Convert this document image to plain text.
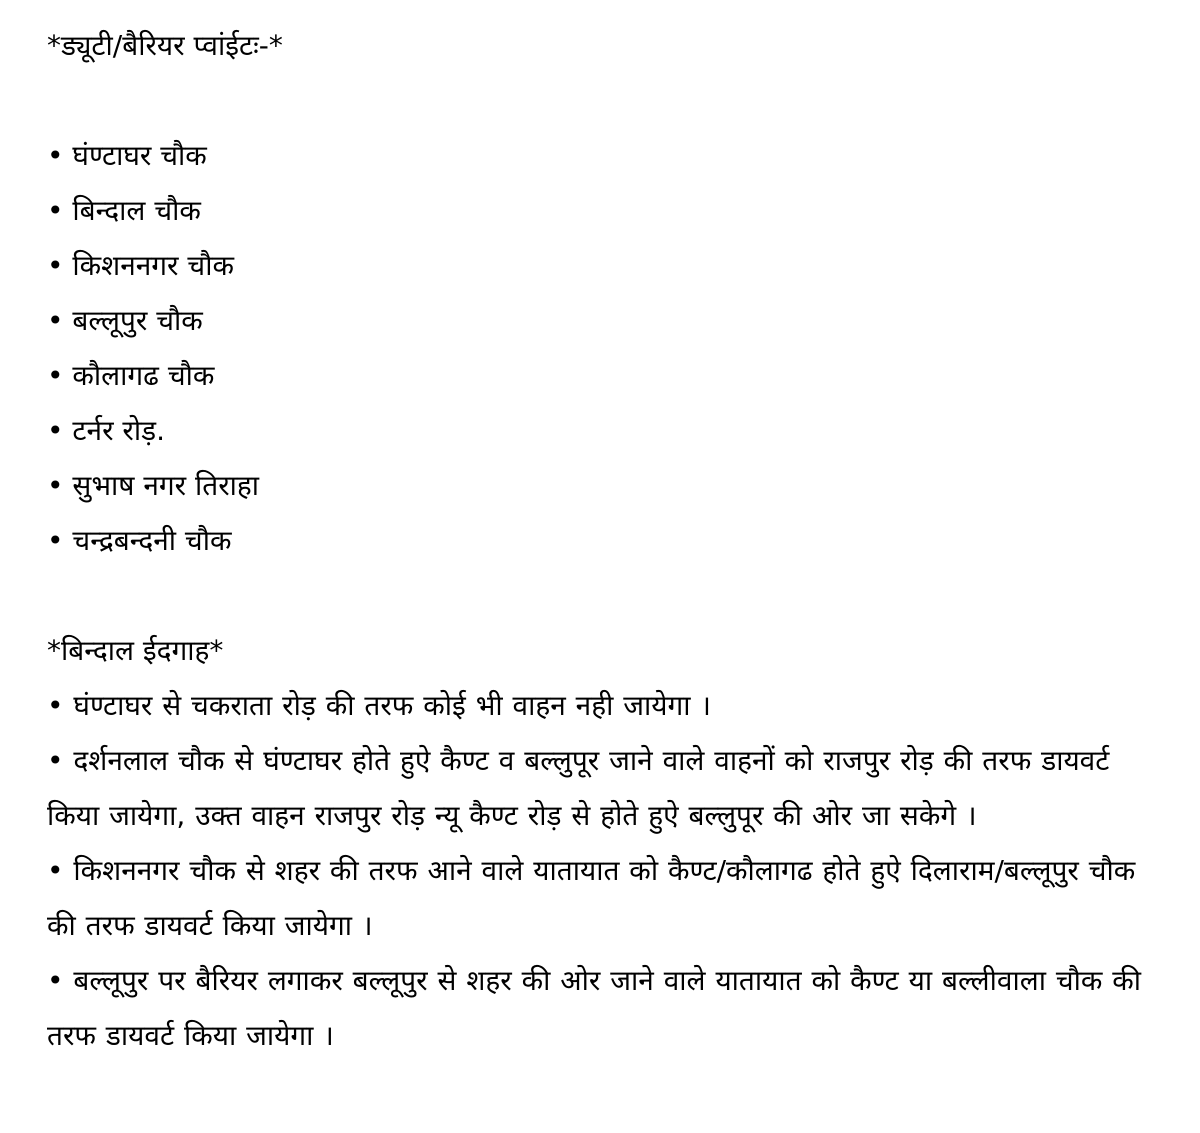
*ड्यूटी/बैरियर प्वांईटः-*

• घंण्टाघर चौक

• बिन्दाल चौक

• किशननगर चौक

• बल्लूपुर चौक

• कौलागढ चौक

• टर्नर रोड़.

• सुभाष नगर तिराहा

• चन्द्रबन्दनी चौक

*बिन्दाल ईदगाह*

• घंण्टाघर से चकराता रोड़ की तरफ कोई भी वाहन नही जायेगा ।

• दर्शनलाल चौक से घंण्टाघर होते हुऐ कैण्ट व बल्लुपूर जाने वाले वाहनों को राजपुर रोड़ की तरफ डायवर्ट किया जायेगा, उक्त वाहन राजपुर रोड़ न्यू कैण्ट रोड़ से होते हुऐ बल्लुपूर की ओर जा सकेगे ।

• किशननगर चौक से शहर की तरफ आने वाले यातायात को कैण्ट/कौलागढ होते हुऐ दिलाराम/बल्लूपुर चौक की तरफ डायवर्ट किया जायेगा ।

• बल्लूपुर पर बैरियर लगाकर बल्लूपुर से शहर की ओर जाने वाले यातायात को कैण्ट या बल्लीवाला चौक की तरफ डायवर्ट किया जायेगा ।
